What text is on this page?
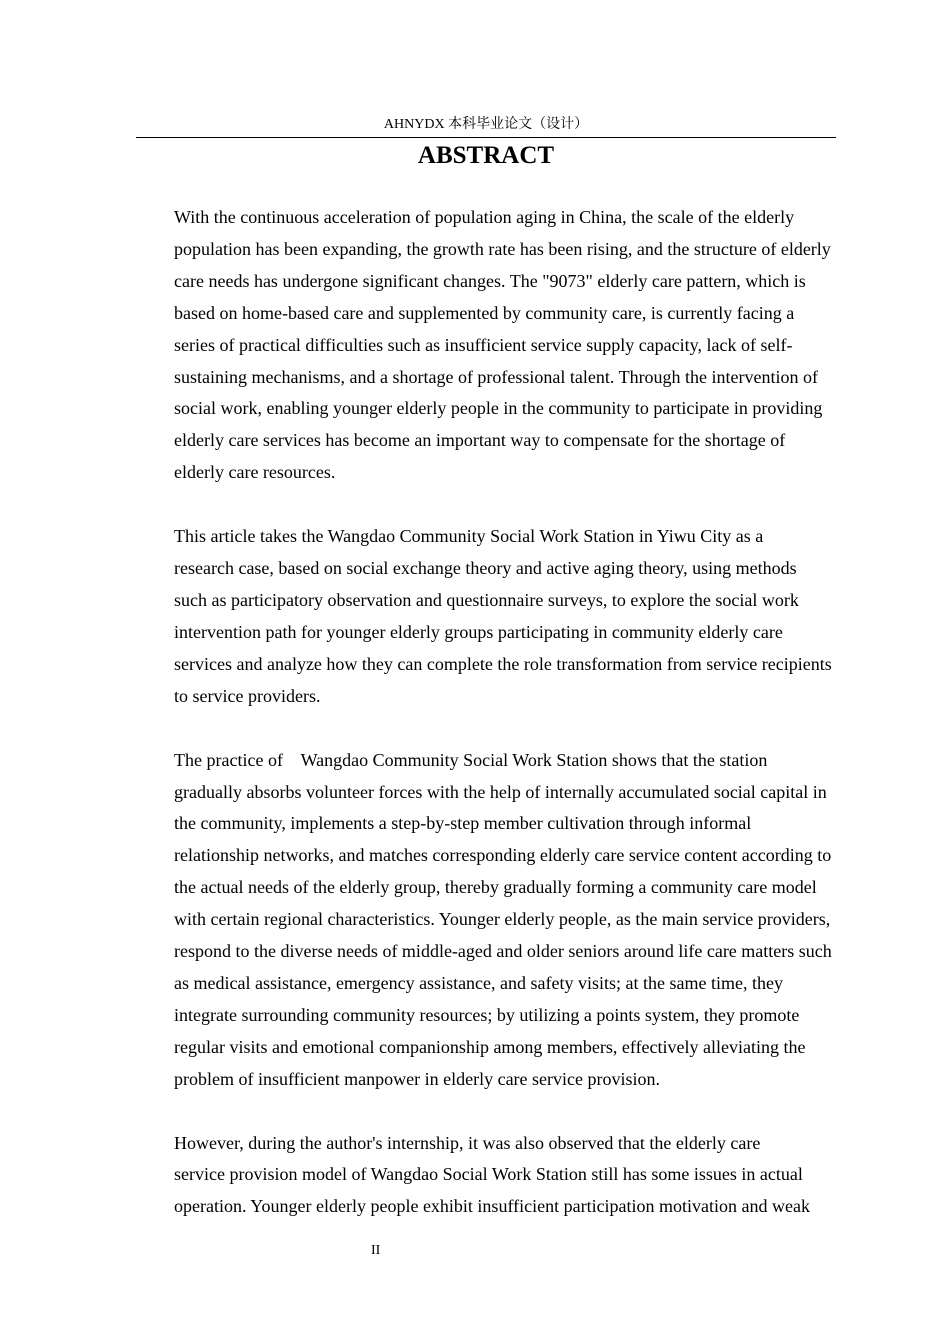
AHNYDX 本科毕业论文（设计）
ABSTRACT

With the continuous acceleration of population aging in China, the scale of the elderly
population has been expanding, the growth rate has been rising, and the structure of elderly
care needs has undergone significant changes. The "9073" elderly care pattern, which is
based on home-based care and supplemented by community care, is currently facing a
series of practical difficulties such as insufficient service supply capacity, lack of self-
sustaining mechanisms, and a shortage of professional talent. Through the intervention of
social work, enabling younger elderly people in the community to participate in providing
elderly care services has become an important way to compensate for the shortage of
elderly care resources.

This article takes the Wangdao Community Social Work Station in Yiwu City as a
research case, based on social exchange theory and active aging theory, using methods
such as participatory observation and questionnaire surveys, to explore the social work
intervention path for younger elderly groups participating in community elderly care
services and analyze how they can complete the role transformation from service recipients
to service providers.

The practice of    Wangdao Community Social Work Station shows that the station
gradually absorbs volunteer forces with the help of internally accumulated social capital in
the community, implements a step-by-step member cultivation through informal
relationship networks, and matches corresponding elderly care service content according to
the actual needs of the elderly group, thereby gradually forming a community care model
with certain regional characteristics. Younger elderly people, as the main service providers,
respond to the diverse needs of middle-aged and older seniors around life care matters such
as medical assistance, emergency assistance, and safety visits; at the same time, they
integrate surrounding community resources; by utilizing a points system, they promote
regular visits and emotional companionship among members, effectively alleviating the
problem of insufficient manpower in elderly care service provision.

However, during the author's internship, it was also observed that the elderly care
service provision model of Wangdao Social Work Station still has some issues in actual
operation. Younger elderly people exhibit insufficient participation motivation and weak

II
